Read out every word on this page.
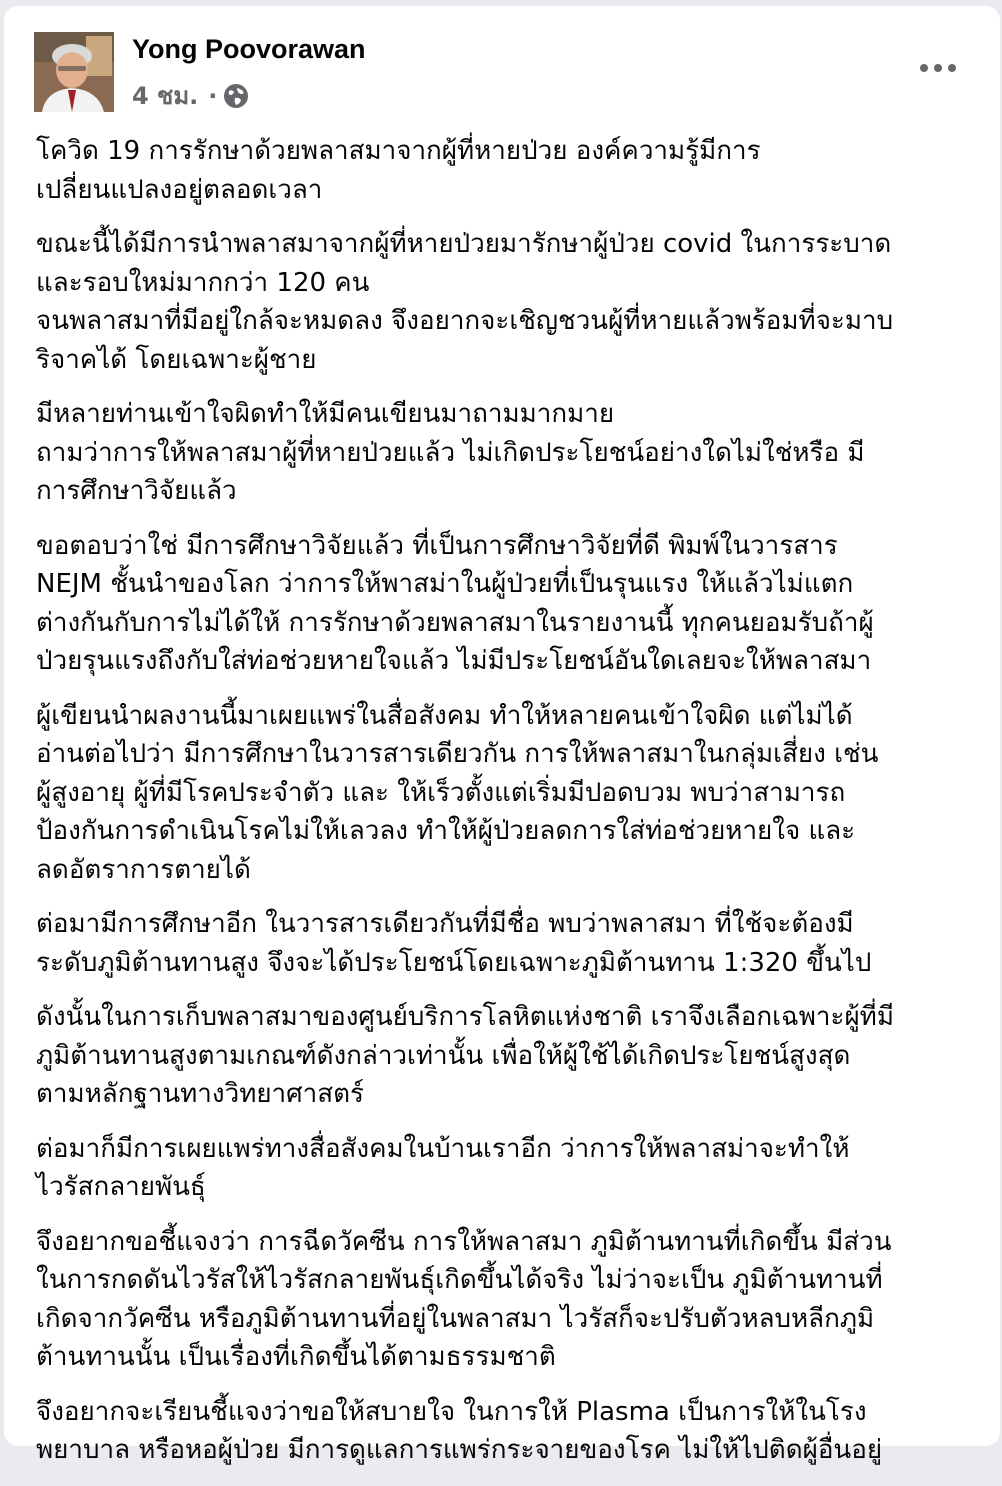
Yong Poovorawan
4 ชม. ·

โควิด 19 การรักษาด้วยพลาสมาจากผู้ที่หายป่วย องค์ความรู้มีการ
เปลี่ยนแปลงอยู่ตลอดเวลา

ขณะนี้ได้มีการนำพลาสมาจากผู้ที่หายป่วยมารักษาผู้ป่วย covid ในการระบาด
และรอบใหม่มากกว่า 120 คน
จนพลาสมาที่มีอยู่ใกล้จะหมดลง จึงอยากจะเชิญชวนผู้ที่หายแล้วพร้อมที่จะมาบ
ริจาคได้ โดยเฉพาะผู้ชาย

มีหลายท่านเข้าใจผิดทำให้มีคนเขียนมาถามมากมาย
ถามว่าการให้พลาสมาผู้ที่หายป่วยแล้ว ไม่เกิดประโยชน์อย่างใดไม่ใช่หรือ มี
การศึกษาวิจัยแล้ว

ขอตอบว่าใช่ มีการศึกษาวิจัยแล้ว ที่เป็นการศึกษาวิจัยที่ดี พิมพ์ในวารสาร
NEJM ชั้นนำของโลก ว่าการให้พาสม่าในผู้ป่วยที่เป็นรุนแรง ให้แล้วไม่แตก
ต่างกันกับการไม่ได้ให้ การรักษาด้วยพลาสมาในรายงานนี้ ทุกคนยอมรับถ้าผู้
ป่วยรุนแรงถึงกับใส่ท่อช่วยหายใจแล้ว ไม่มีประโยชน์อันใดเลยจะให้พลาสมา

ผู้เขียนนำผลงานนี้มาเผยแพร่ในสื่อสังคม ทำให้หลายคนเข้าใจผิด แต่ไม่ได้
อ่านต่อไปว่า มีการศึกษาในวารสารเดียวกัน การให้พลาสมาในกลุ่มเสี่ยง เช่น
ผู้สูงอายุ ผู้ที่มีโรคประจำตัว และ ให้เร็วตั้งแต่เริ่มมีปอดบวม พบว่าสามารถ
ป้องกันการดำเนินโรคไม่ให้เลวลง ทำให้ผู้ป่วยลดการใส่ท่อช่วยหายใจ และ
ลดอัตราการตายได้

ต่อมามีการศึกษาอีก ในวารสารเดียวกันที่มีชื่อ พบว่าพลาสมา ที่ใช้จะต้องมี
ระดับภูมิต้านทานสูง จึงจะได้ประโยชน์โดยเฉพาะภูมิต้านทาน 1:320 ขึ้นไป

ดังนั้นในการเก็บพลาสมาของศูนย์บริการโลหิตแห่งชาติ เราจึงเลือกเฉพาะผู้ที่มี
ภูมิต้านทานสูงตามเกณฑ์ดังกล่าวเท่านั้น เพื่อให้ผู้ใช้ได้เกิดประโยชน์สูงสุด
ตามหลักฐานทางวิทยาศาสตร์

ต่อมาก็มีการเผยแพร่ทางสื่อสังคมในบ้านเราอีก ว่าการให้พลาสม่าจะทำให้
ไวรัสกลายพันธุ์

จึงอยากขอชี้แจงว่า การฉีดวัคซีน การให้พลาสมา ภูมิต้านทานที่เกิดขึ้น มีส่วน
ในการกดดันไวรัสให้ไวรัสกลายพันธุ์เกิดขึ้นได้จริง ไม่ว่าจะเป็น ภูมิต้านทานที่
เกิดจากวัคซีน หรือภูมิต้านทานที่อยู่ในพลาสมา ไวรัสก็จะปรับตัวหลบหลีกภูมิ
ต้านทานนั้น เป็นเรื่องที่เกิดขึ้นได้ตามธรรมชาติ

จึงอยากจะเรียนชี้แจงว่าขอให้สบายใจ ในการให้ Plasma เป็นการให้ในโรง
พยาบาล หรือหอผู้ป่วย มีการดูแลการแพร่กระจายของโรค ไม่ให้ไปติดผู้อื่นอยู่
